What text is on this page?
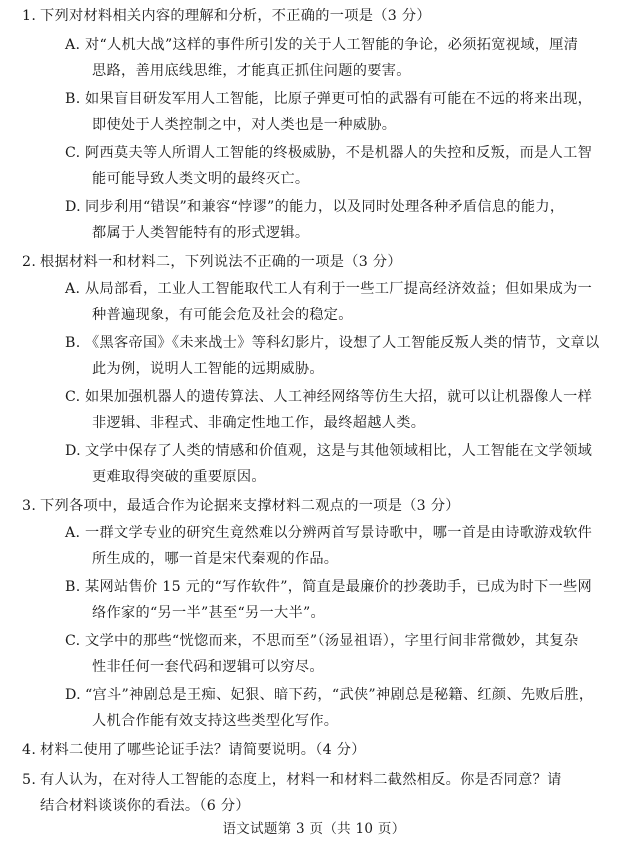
1. 下列对材料相关内容的理解和分析，不正确的一项是（3 分）
A. 对“人机大战”这样的事件所引发的关于人工智能的争论，必须拓宽视域，厘清
思路，善用底线思维，才能真正抓住问题的要害。
B. 如果盲目研发军用人工智能，比原子弹更可怕的武器有可能在不远的将来出现，
即使处于人类控制之中，对人类也是一种威胁。
C. 阿西莫夫等人所谓人工智能的终极威胁，不是机器人的失控和反叛，而是人工智
能可能导致人类文明的最终灭亡。
D. 同步利用“错误”和兼容“悖谬”的能力，以及同时处理各种矛盾信息的能力，
都属于人类智能特有的形式逻辑。
2. 根据材料一和材料二，下列说法不正确的一项是（3 分）
A. 从局部看，工业人工智能取代工人有利于一些工厂提高经济效益；但如果成为一
种普遍现象，有可能会危及社会的稳定。
B. 《黑客帝国》《未来战士》等科幻影片，设想了人工智能反叛人类的情节，文章以
此为例，说明人工智能的远期威胁。
C. 如果加强机器人的遗传算法、人工神经网络等仿生大招，就可以让机器像人一样
非逻辑、非程式、非确定性地工作，最终超越人类。
D. 文学中保存了人类的情感和价值观，这是与其他领域相比，人工智能在文学领域
更难取得突破的重要原因。
3. 下列各项中，最适合作为论据来支撑材料二观点的一项是（3 分）
A. 一群文学专业的研究生竟然难以分辨两首写景诗歌中，哪一首是由诗歌游戏软件
所生成的，哪一首是宋代秦观的作品。
B. 某网站售价 15 元的“写作软件”，简直是最廉价的抄袭助手，已成为时下一些网
络作家的“另一半”甚至“另一大半”。
C. 文学中的那些“恍惚而来，不思而至”（汤显祖语），字里行间非常微妙，其复杂
性非任何一套代码和逻辑可以穷尽。
D. “宫斗”神剧总是王痴、妃狠、暗下药，“武侠”神剧总是秘籍、红颜、先败后胜，
人机合作能有效支持这些类型化写作。
4. 材料二使用了哪些论证手法？请简要说明。（4 分）
5. 有人认为，在对待人工智能的态度上，材料一和材料二截然相反。你是否同意？请
结合材料谈谈你的看法。（6 分）
语文试题第 3 页（共 10 页）
